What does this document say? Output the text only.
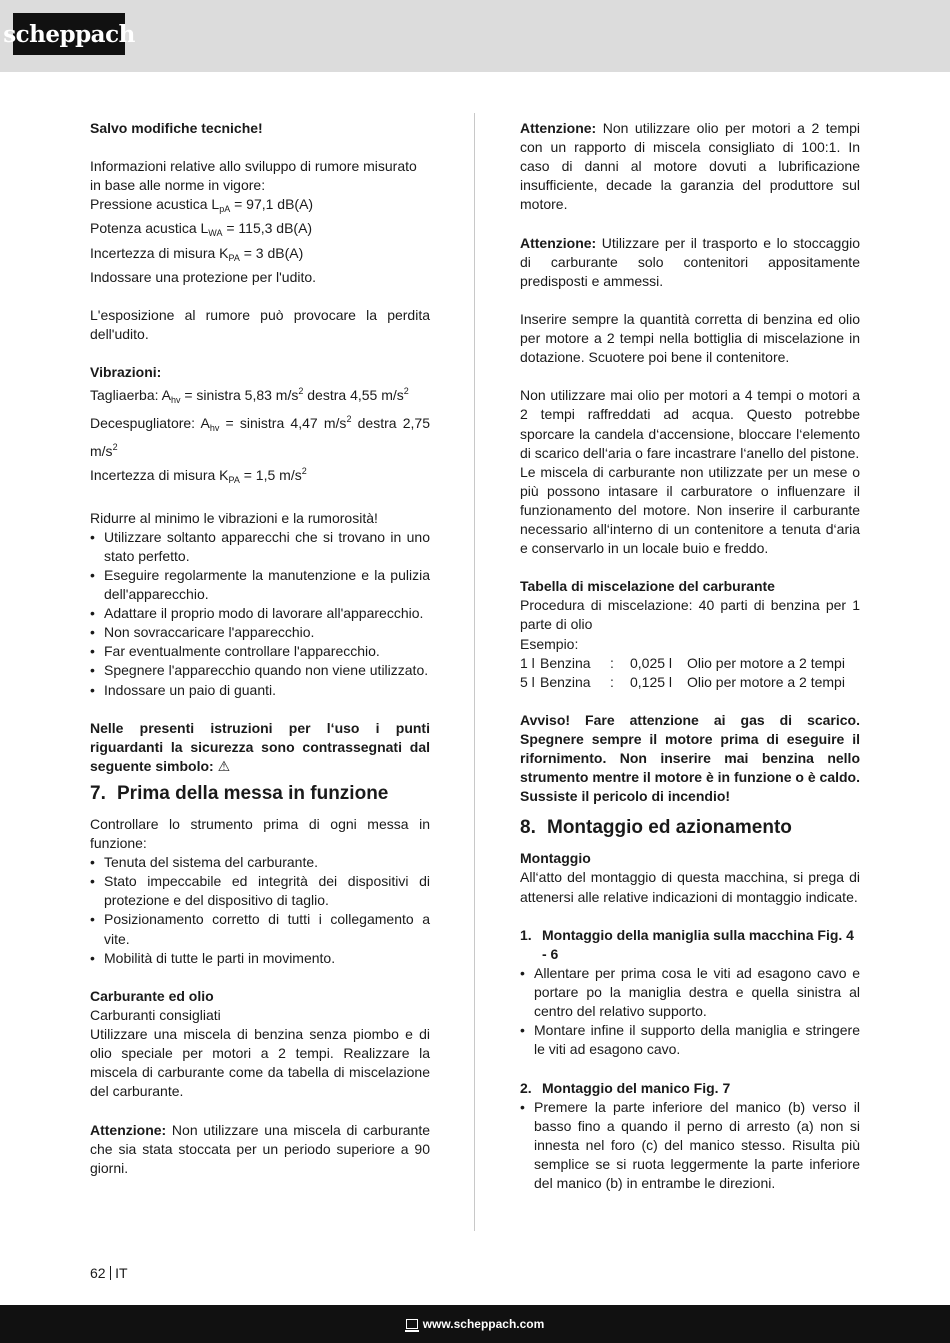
scheppach

Salvo modifiche tecniche!

Informazioni relative allo sviluppo di rumore misurato in base alle norme in vigore:

Pressione acustica $L_{pA} = 97,1$ dB(A)

Potenza acustica $L_{WA} = 115,3$ dB(A)

Incertezza di misura $K_{PA} = 3$ dB(A)

Indossare una protezione per l'udito.

L'esposizione al rumore può provocare la perdita dell'udito.

Vibrazioni:

Tagliaerba: $A_{hv}$ = sinistra 5,83 $m/s^2$ destra 4,55 $m/s^2$

Decespugliatore: $A_{hv}$ = sinistra 4,47 $m/s^2$ destra 2,75 $m/s^2$

Incertezza di misura $K_{PA} = 1,5$ $m/s^2$

Ridurre al minimo le vibrazioni e la rumorosità!

• Utilizzare soltanto apparecchi che si trovano in uno stato perfetto.
• Eseguire regolarmente la manutenzione e la pulizia dell'apparecchio.
• Adattare il proprio modo di lavorare all'apparecchio.
• Non sovraccaricare l'apparecchio.
• Far eventualmente controllare l'apparecchio.
• Spegnere l'apparecchio quando non viene utilizzato.
• Indossare un paio di guanti.

Nelle presenti istruzioni per l‘uso i punti riguardanti la sicurezza sono contrassegnati dal seguente simbolo: ⚠

7. Prima della messa in funzione

Controllare lo strumento prima di ogni messa in funzione:

• Tenuta del sistema del carburante.
• Stato impeccabile ed integrità dei dispositivi di protezione e del dispositivo di taglio.
• Posizionamento corretto di tutti i collegamento a vite.
• Mobilità di tutte le parti in movimento.

Carburante ed olio

Carburanti consigliati

Utilizzare una miscela di benzina senza piombo e di olio speciale per motori a 2 tempi. Realizzare la miscela di carburante come da tabella di miscelazione del carburante.

Attenzione: Non utilizzare una miscela di carburante che sia stata stoccata per un periodo superiore a 90 giorni.

Attenzione: Non utilizzare olio per motori a 2 tempi con un rapporto di miscela consigliato di 100:1. In caso di danni al motore dovuti a lubrificazione insufficiente, decade la garanzia del produttore sul motore.

Attenzione: Utilizzare per il trasporto e lo stoccaggio di carburante solo contenitori appositamente predisposti e ammessi.

Inserire sempre la quantità corretta di benzina ed olio per motore a 2 tempi nella bottiglia di miscelazione in dotazione. Scuotere poi bene il contenitore.

Non utilizzare mai olio per motori a 4 tempi o motori a 2 tempi raffreddati ad acqua. Questo potrebbe sporcare la candela d‘accensione, bloccare l‘elemento di scarico dell‘aria o fare incastrare l‘anello del pistone.

Le miscela di carburante non utilizzate per un mese o più possono intasare il carburatore o influenzare il funzionamento del motore. Non inserire il carburante necessario all‘interno di un contenitore a tenuta d‘aria e conservarlo in un locale buio e freddo.

Tabella di miscelazione del carburante

Procedura di miscelazione: 40 parti di benzina per 1 parte di olio

Esempio:

1 l Benzina	:	0,025 l	Olio per motore a 2 tempi
5 l Benzina	:	0,125 l	Olio per motore a 2 tempi

Avviso! Fare attenzione ai gas di scarico. Spegnere sempre il motore prima di eseguire il rifornimento. Non inserire mai benzina nello strumento mentre il motore è in funzione o è caldo. Sussiste il pericolo di incendio!

8. Montaggio ed azionamento

Montaggio

All‘atto del montaggio di questa macchina, si prega di attenersi alle relative indicazioni di montaggio indicate.

1. Montaggio della maniglia sulla macchina Fig. 4 - 6
• Allentare per prima cosa le viti ad esagono cavo e portare po la maniglia destra e quella sinistra al centro del relativo supporto.
• Montare infine il supporto della maniglia e stringere le viti ad esagono cavo.
2. Montaggio del manico Fig. 7
• Premere la parte inferiore del manico (b) verso il basso fino a quando il perno di arresto (a) non si innesta nel foro (c) del manico stesso. Risulta più semplice se si ruota leggermente la parte inferiore del manico (b) in entrambe le direzioni.
62 IT
www.scheppach.com
